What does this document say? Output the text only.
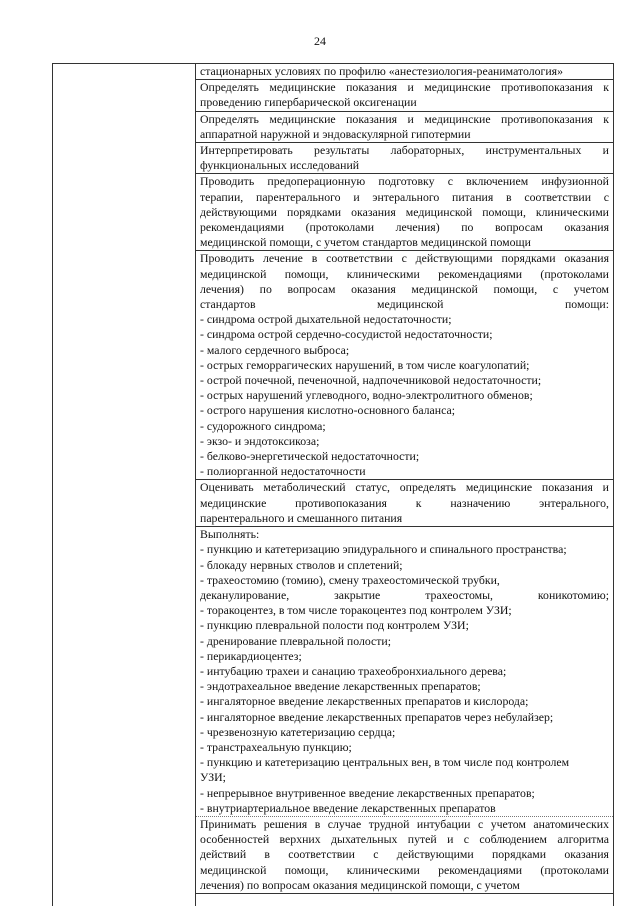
24
стационарных условиях по профилю «анестезиология-реаниматология»
Определять медицинские показания и медицинские противопоказания к
проведению гипербарической оксигенации
Определять медицинские показания и медицинские противопоказания к
аппаратной наружной и эндоваскулярной гипотермии
Интерпретировать результаты лабораторных, инструментальных и
функциональных исследований
Проводить предоперационную подготовку с включением инфузионной
терапии, парентерального и энтерального питания в соответствии с
действующими порядками оказания медицинской помощи, клиническими
рекомендациями (протоколами лечения) по вопросам оказания
медицинской помощи, с учетом стандартов медицинской помощи
Проводить лечение в соответствии с действующими порядками оказания
медицинской помощи, клиническими рекомендациями (протоколами
лечения) по вопросам оказания медицинской помощи, с учетом
стандартов медицинской помощи:
- синдрома острой дыхательной недостаточности;
- синдрома острой сердечно-сосудистой недостаточности;
- малого сердечного выброса;
- острых геморрагических нарушений, в том числе коагулопатий;
- острой почечной, печеночной, надпочечниковой недостаточности;
- острых нарушений углеводного, водно-электролитного обменов;
- острого нарушения кислотно-основного баланса;
- судорожного синдрома;
- экзо- и эндотоксикоза;
- белково-энергетической недостаточности;
- полиорганной недостаточности
Оценивать метаболический статус, определять медицинские показания и
медицинские противопоказания к назначению энтерального,
парентерального и смешанного питания
Выполнять:
- пункцию и катетеризацию эпидурального и спинального пространства;
- блокаду нервных стволов и сплетений;
- трахеостомию (томию), смену трахеостомической трубки,
деканулирование, закрытие трахеостомы, коникотомию;
- торакоцентез, в том числе торакоцентез под контролем УЗИ;
- пункцию плевральной полости под контролем УЗИ;
- дренирование плевральной полости;
- перикардиоцентез;
- интубацию трахеи и санацию трахеобронхиального дерева;
- эндотрахеальное введение лекарственных препаратов;
- ингаляторное введение лекарственных препаратов и кислорода;
- ингаляторное введение лекарственных препаратов через небулайзер;
- чрезвенозную катетеризацию сердца;
- транстрахеальную пункцию;
- пункцию и катетеризацию центральных вен, в том числе под контролем
УЗИ;
- непрерывное внутривенное введение лекарственных препаратов;
- внутриартериальное введение лекарственных препаратов
Принимать решения в случае трудной интубации с учетом анатомических
особенностей верхних дыхательных путей и с соблюдением алгоритма
действий в соответствии с действующими порядками оказания
медицинской помощи, клиническими рекомендациями (протоколами
лечения) по вопросам оказания медицинской помощи, с учетом
